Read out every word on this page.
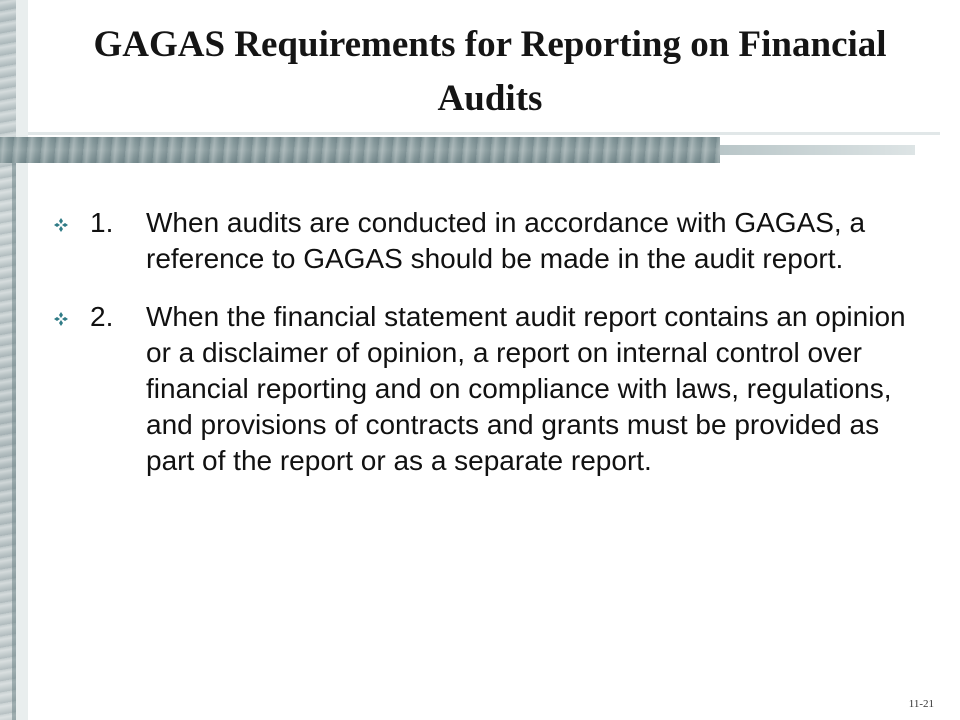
GAGAS Requirements for Reporting on Financial Audits
1. When audits are conducted in accordance with GAGAS, a reference to GAGAS should be made in the audit report.
2. When the financial statement audit report contains an opinion or a disclaimer of opinion, a report on internal control over financial reporting and on compliance with laws, regulations, and provisions of contracts and grants must be provided as part of the report or as a separate report.
11-21
